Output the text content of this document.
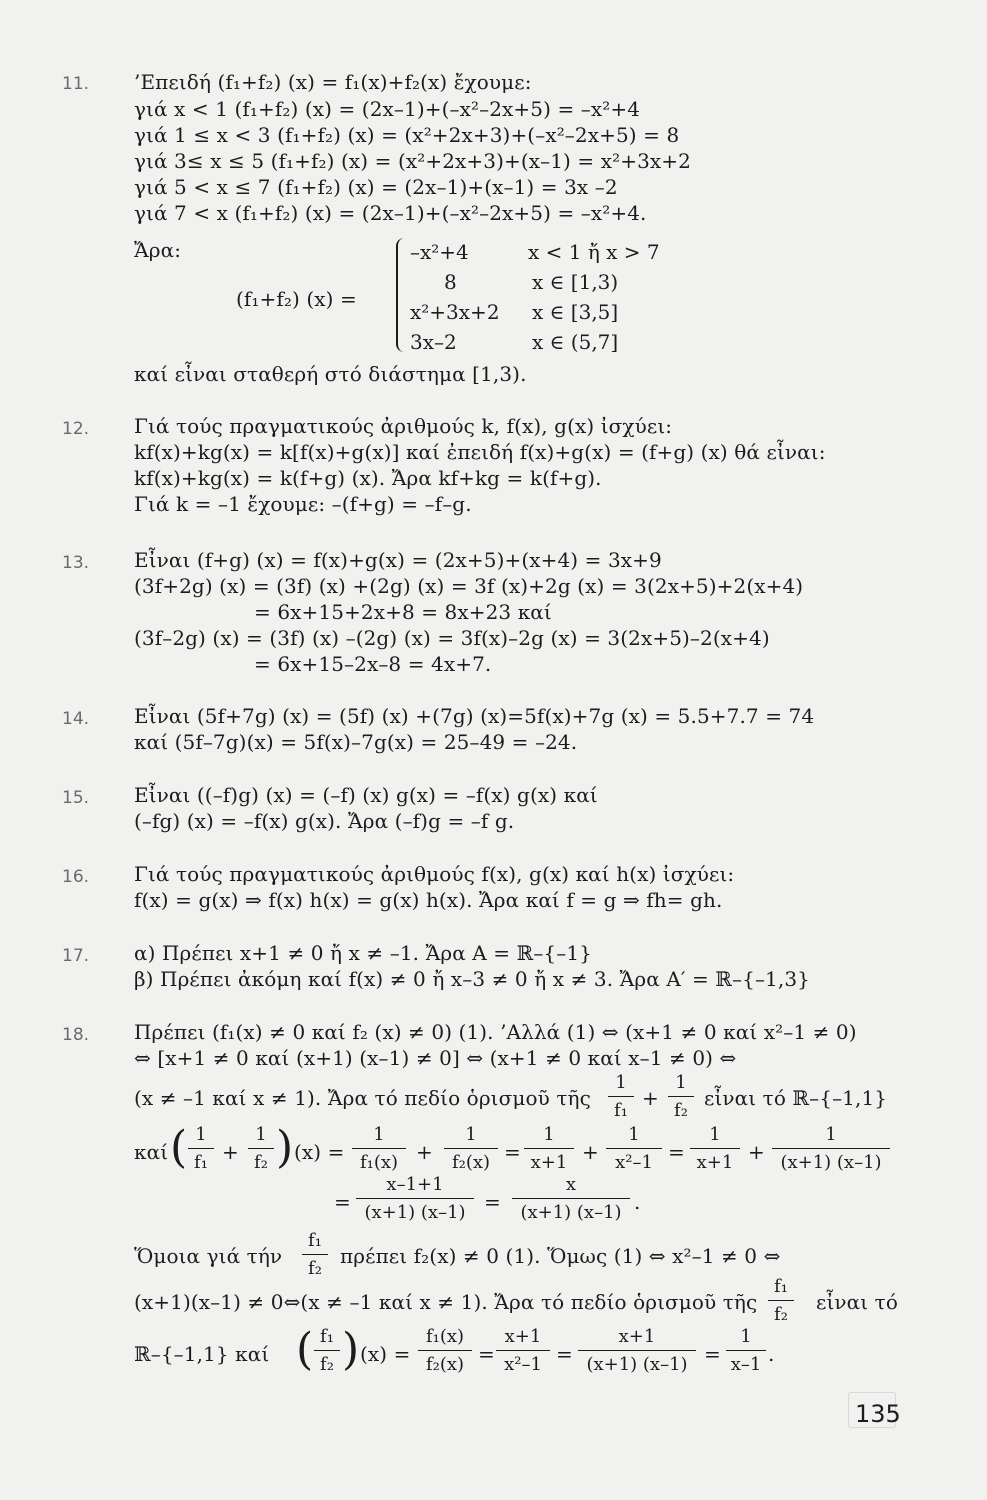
11. ’Επειδή (f₁+f₂) (x) = f₁(x)+f₂(x) ἔχουμε:
γιά x < 1 (f₁+f₂) (x) = (2x–1)+(–x²–2x+5) = –x²+4
γιά 1 ≤ x < 3 (f₁+f₂) (x) = (x²+2x+3)+(–x²–2x+5) = 8
γιά 3≤ x ≤ 5 (f₁+f₂) (x) = (x²+2x+3)+(x–1) = x²+3x+2
γιά 5 < x ≤ 7 (f₁+f₂) (x) = (2x–1)+(x–1) = 3x –2
γιά 7 < x (f₁+f₂) (x) = (2x–1)+(–x²–2x+5) = –x²+4.
Ἄρα:
(f₁+f₂) (x) =
–x²+4	x < 1 ἤ x > 7
8	x ∈ [1,3)
x²+3x+2 x ∈ [3,5]
3x–2	x ∈ (5,7]
καί εἶναι σταθερή στό διάστημα [1,3).
12. Γιά τούς πραγματικούς ἀριθμούς k, f(x), g(x) ἰσχύει:
kf(x)+kg(x) = k[f(x)+g(x)] καί ἐπειδή f(x)+g(x) = (f+g) (x) θά εἶναι:
kf(x)+kg(x) = k(f+g) (x). Ἄρα kf+kg = k(f+g).
Γιά k = –1 ἔχουμε: –(f+g) = –f–g.
13. Εἶναι (f+g) (x) = f(x)+g(x) = (2x+5)+(x+4) = 3x+9
(3f+2g) (x) = (3f) (x) +(2g) (x) = 3f (x)+2g (x) = 3(2x+5)+2(x+4)
= 6x+15+2x+8 = 8x+23 καί
(3f–2g) (x) = (3f) (x) –(2g) (x) = 3f(x)–2g (x) = 3(2x+5)–2(x+4)
= 6x+15–2x–8 = 4x+7.
14. Εἶναι (5f+7g) (x) = (5f) (x) +(7g) (x)=5f(x)+7g (x) = 5.5+7.7 = 74
καί (5f–7g)(x) = 5f(x)–7g(x) = 25–49 = –24.
15. Εἶναι ((–f)g) (x) = (–f) (x) g(x) = –f(x) g(x) καί
(–fg) (x) = –f(x) g(x). Ἄρα (–f)g = –f g.
16. Γιά τούς πραγματικούς ἀριθμούς f(x), g(x) καί h(x) ἰσχύει:
f(x) = g(x) ⇒ f(x) h(x) = g(x) h(x). Ἄρα καί f = g ⇒ fh= gh.
17. α) Πρέπει x+1 ≠ 0 ἤ x ≠ –1. Ἄρα A = ℝ–{–1}
β) Πρέπει ἀκόμη καί f(x) ≠ 0 ἤ x–3 ≠ 0 ἤ x ≠ 3. Ἄρα A′ = ℝ–{–1,3}
18. Πρέπει (f₁(x) ≠ 0 καί f₂ (x) ≠ 0) (1). ’Αλλά (1) ⇔ (x+1 ≠ 0 καί x²–1 ≠ 0)
⇔ [x+1 ≠ 0 καί (x+1) (x–1) ≠ 0] ⇔ (x+1 ≠ 0 καί x–1 ≠ 0) ⇔
(x ≠ –1 καί x ≠ 1). Ἄρα τό πεδίο ὁρισμοῦ τῆς
1
f₁
+
1
f₂
εἶναι τό ℝ–{–1,1}
καί ( 1
f₁ +
1
f₂ ) (x) =
1
f₁(x) +
1
f₂(x) =
1
x+1 +
1
x²–1 =
1
x+1 +
1
(x+1) (x–1)
=
x–1+1
(x+1) (x–1) =
x
(x+1) (x–1) .
Ὅμοια γιά τήν
f₁
f₂
πρέπει f₂(x) ≠ 0 (1). Ὅμως (1) ⇔ x²–1 ≠ 0 ⇔
(x+1)(x–1) ≠ 0⇔(x ≠ –1 καί x ≠ 1). Ἄρα τό πεδίο ὁρισμοῦ τῆς
f₁
f₂
εἶναι τό
ℝ–{–1,1} καί ( f₁
f₂ ) (x) =
f₁(x)
f₂(x) =
x+1
x²–1 =
x+1
(x+1) (x–1) =
1
x–1 .
135
